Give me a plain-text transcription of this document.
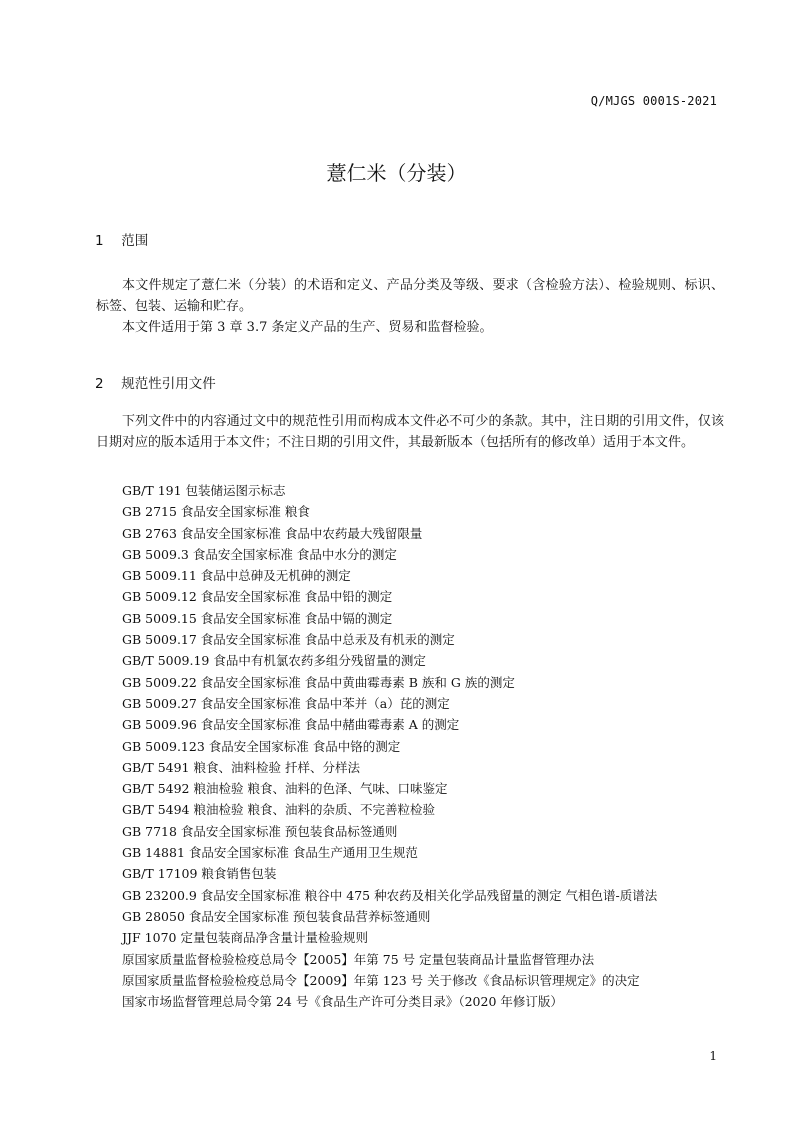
Q/MJGS 0001S-2021
薏仁米（分装）
1 范围

本文件规定了薏仁米（分装）的术语和定义、产品分类及等级、要求（含检验方法）、检验规则、标识、标签、包装、运输和贮存。

本文件适用于第 3 章 3.7 条定义产品的生产、贸易和监督检验。

2 规范性引用文件

下列文件中的内容通过文中的规范性引用而构成本文件必不可少的条款。其中，注日期的引用文件，仅该日期对应的版本适用于本文件；不注日期的引用文件，其最新版本（包括所有的修改单）适用于本文件。

GB/T 191 包装储运图示标志
GB 2715 食品安全国家标准 粮食
GB 2763 食品安全国家标准 食品中农药最大残留限量
GB 5009.3 食品安全国家标准 食品中水分的测定
GB 5009.11 食品中总砷及无机砷的测定
GB 5009.12 食品安全国家标准 食品中铅的测定
GB 5009.15 食品安全国家标准 食品中镉的测定
GB 5009.17 食品安全国家标准 食品中总汞及有机汞的测定
GB/T 5009.19 食品中有机氯农药多组分残留量的测定
GB 5009.22 食品安全国家标准 食品中黄曲霉毒素 B 族和 G 族的测定
GB 5009.27 食品安全国家标准 食品中苯并（a）芘的测定
GB 5009.96 食品安全国家标准 食品中赭曲霉毒素 A 的测定
GB 5009.123 食品安全国家标准 食品中铬的测定
GB/T 5491 粮食、油料检验 扦样、分样法
GB/T 5492 粮油检验 粮食、油料的色泽、气味、口味鉴定
GB/T 5494 粮油检验 粮食、油料的杂质、不完善粒检验
GB 7718 食品安全国家标准 预包装食品标签通则
GB 14881 食品安全国家标准 食品生产通用卫生规范
GB/T 17109 粮食销售包装
GB 23200.9 食品安全国家标准 粮谷中 475 种农药及相关化学品残留量的测定 气相色谱-质谱法
GB 28050 食品安全国家标准 预包装食品营养标签通则
JJF 1070 定量包装商品净含量计量检验规则
原国家质量监督检验检疫总局令【2005】年第 75 号 定量包装商品计量监督管理办法
原国家质量监督检验检疫总局令【2009】年第 123 号 关于修改《食品标识管理规定》的决定
国家市场监督管理总局令第 24 号《食品生产许可分类目录》（2020 年修订版）
1
